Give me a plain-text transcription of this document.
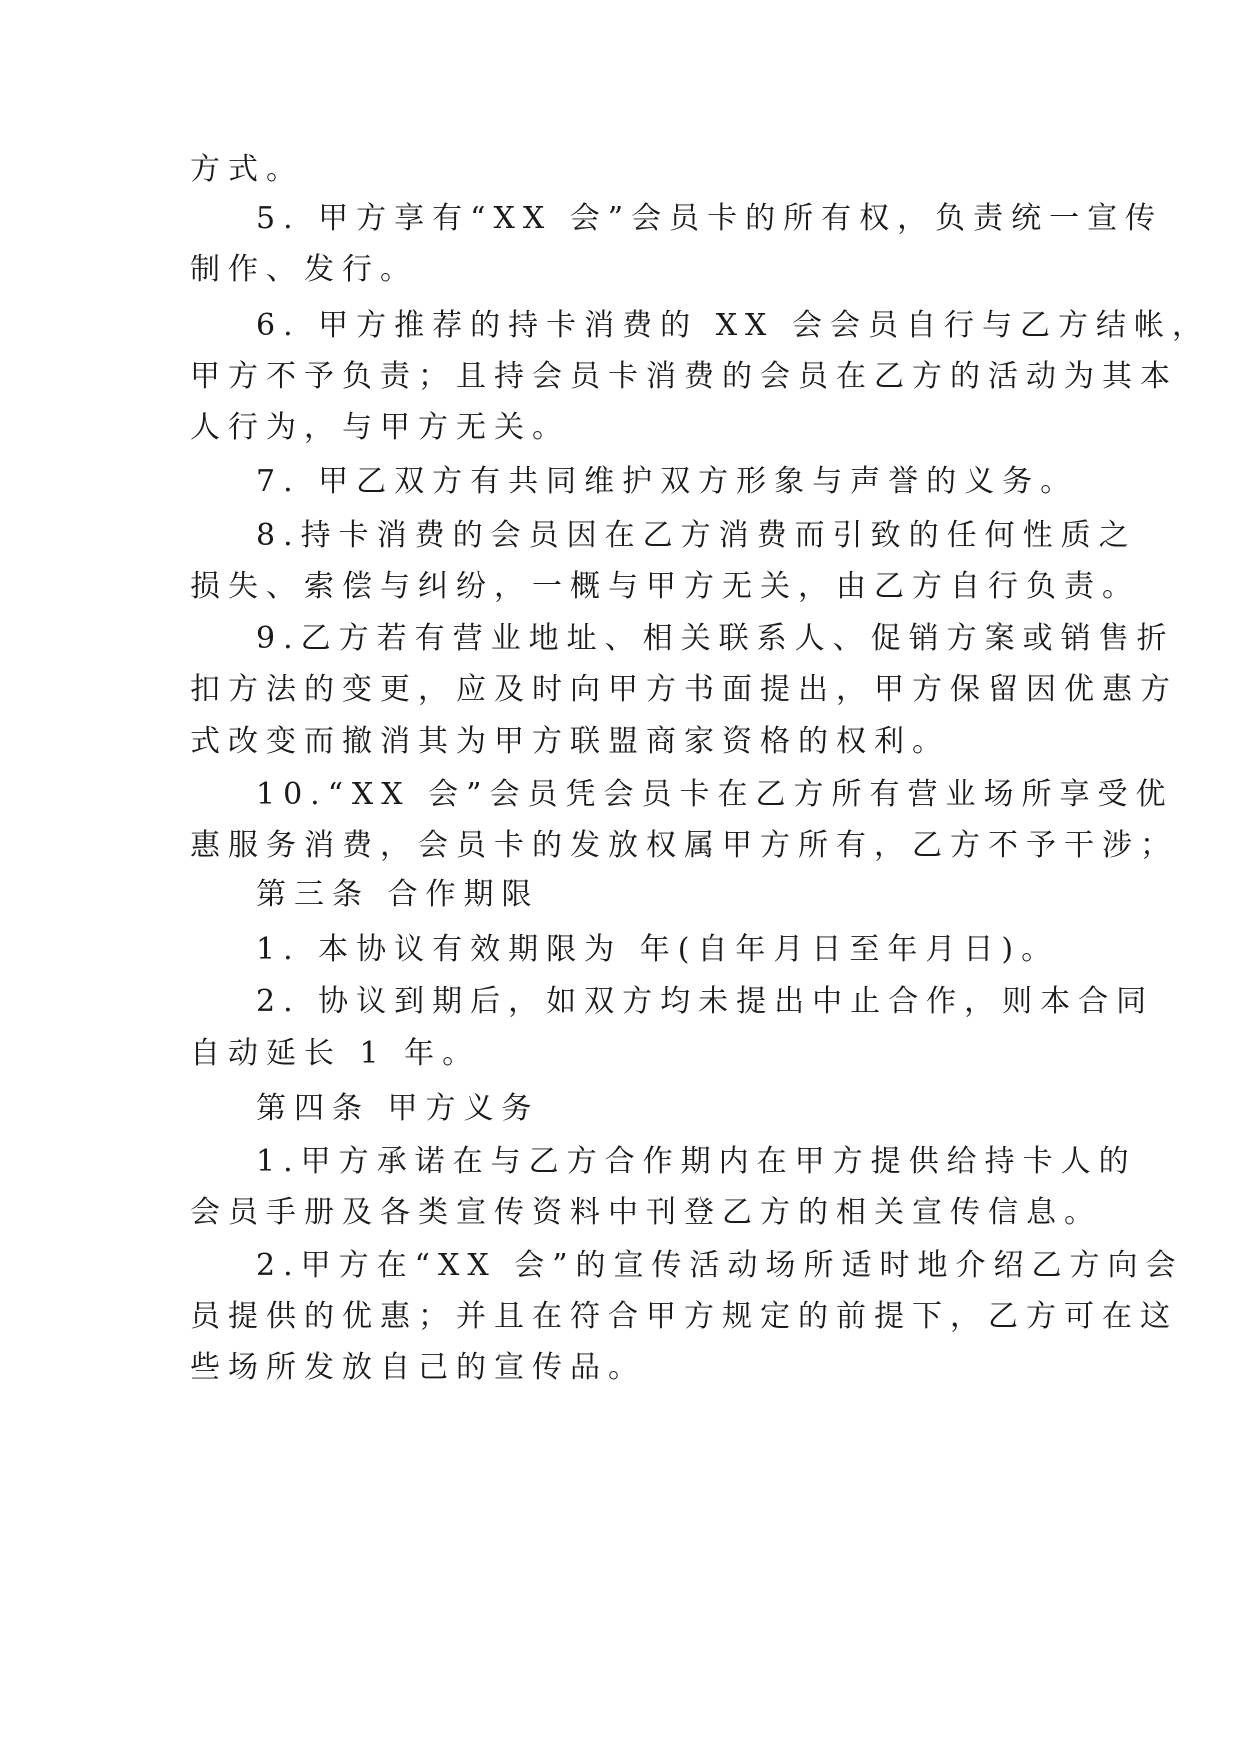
方式。
5. 甲方享有“XX 会”会员卡的所有权，负责统一宣传
制作、发行。
6. 甲方推荐的持卡消费的 XX 会会员自行与乙方结帐，
甲方不予负责；且持会员卡消费的会员在乙方的活动为其本
人行为，与甲方无关。
7. 甲乙双方有共同维护双方形象与声誉的义务。
8.持卡消费的会员因在乙方消费而引致的任何性质之
损失、索偿与纠纷，一概与甲方无关，由乙方自行负责。
9.乙方若有营业地址、相关联系人、促销方案或销售折
扣方法的变更，应及时向甲方书面提出，甲方保留因优惠方
式改变而撤消其为甲方联盟商家资格的权利。
10.“XX 会”会员凭会员卡在乙方所有营业场所享受优
惠服务消费，会员卡的发放权属甲方所有，乙方不予干涉；
第三条 合作期限
1. 本协议有效期限为 年(自年月日至年月日)。
2. 协议到期后，如双方均未提出中止合作，则本合同
自动延长 1 年。
第四条 甲方义务
1.甲方承诺在与乙方合作期内在甲方提供给持卡人的
会员手册及各类宣传资料中刊登乙方的相关宣传信息。
2.甲方在“XX 会”的宣传活动场所适时地介绍乙方向会
员提供的优惠；并且在符合甲方规定的前提下，乙方可在这
些场所发放自己的宣传品。
